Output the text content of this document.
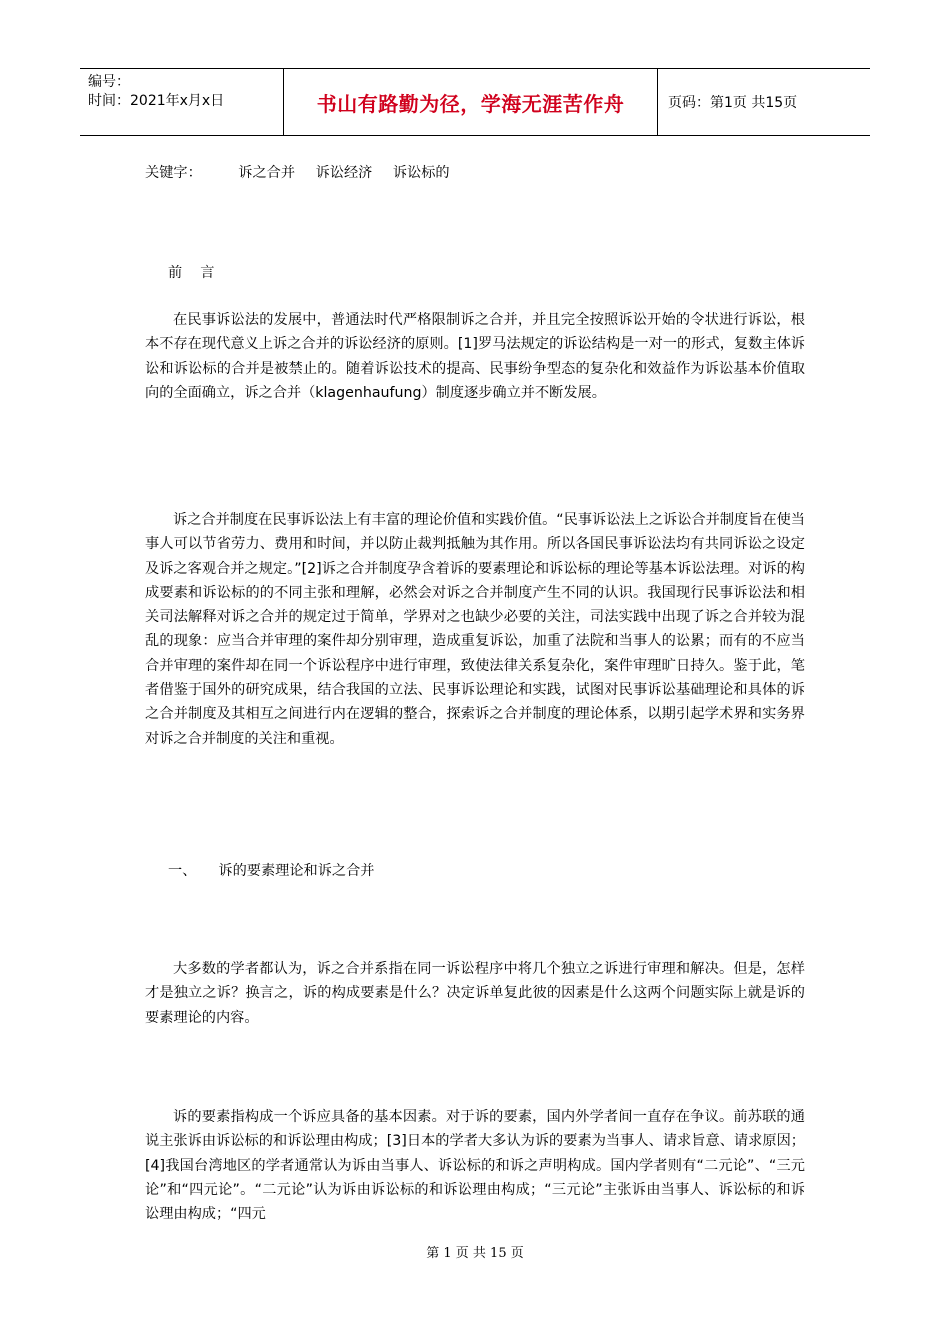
编号：
时间：2021年x月x日	书山有路勤为径，学海无涯苦作舟	页码：第1页 共15页
关键字：	诉之合并 诉讼经济 诉讼标的
前    言

在民事诉讼法的发展中，普通法时代严格限制诉之合并，并且完全按照诉讼开始的令状进行诉讼，根本不存在现代意义上诉之合并的诉讼经济的原则。[1]罗马法规定的诉讼结构是一对一的形式，复数主体诉讼和诉讼标的合并是被禁止的。随着诉讼技术的提高、民事纷争型态的复杂化和效益作为诉讼基本价值取向的全面确立，诉之合并（klagenhaufung）制度逐步确立并不断发展。

诉之合并制度在民事诉讼法上有丰富的理论价值和实践价值。“民事诉讼法上之诉讼合并制度旨在使当事人可以节省劳力、费用和时间，并以防止裁判抵触为其作用。所以各国民事诉讼法均有共同诉讼之设定及诉之客观合并之规定。”[2]诉之合并制度孕含着诉的要素理论和诉讼标的理论等基本诉讼法理。对诉的构成要素和诉讼标的的不同主张和理解，必然会对诉之合并制度产生不同的认识。我国现行民事诉讼法和相关司法解释对诉之合并的规定过于简单，学界对之也缺少必要的关注，司法实践中出现了诉之合并较为混乱的现象：应当合并审理的案件却分别审理，造成重复诉讼，加重了法院和当事人的讼累；而有的不应当合并审理的案件却在同一个诉讼程序中进行审理，致使法律关系复杂化，案件审理旷日持久。鉴于此，笔者借鉴于国外的研究成果，结合我国的立法、民事诉讼理论和实践，试图对民事诉讼基础理论和具体的诉之合并制度及其相互之间进行内在逻辑的整合，探索诉之合并制度的理论体系，以期引起学术界和实务界对诉之合并制度的关注和重视。

一、 诉的要素理论和诉之合并

大多数的学者都认为，诉之合并系指在同一诉讼程序中将几个独立之诉进行审理和解决。但是，怎样才是独立之诉？换言之，诉的构成要素是什么？决定诉单复此彼的因素是什么这两个问题实际上就是诉的要素理论的内容。

诉的要素指构成一个诉应具备的基本因素。对于诉的要素，国内外学者间一直存在争议。前苏联的通说主张诉由诉讼标的和诉讼理由构成；[3]日本的学者大多认为诉的要素为当事人、请求旨意、请求原因；[4]我国台湾地区的学者通常认为诉由当事人、诉讼标的和诉之声明构成。国内学者则有“二元论”、“三元论”和“四元论”。“二元论”认为诉由诉讼标的和诉讼理由构成；“三元论”主张诉由当事人、诉讼标的和诉讼理由构成；“四元

第 1 页 共 15 页
